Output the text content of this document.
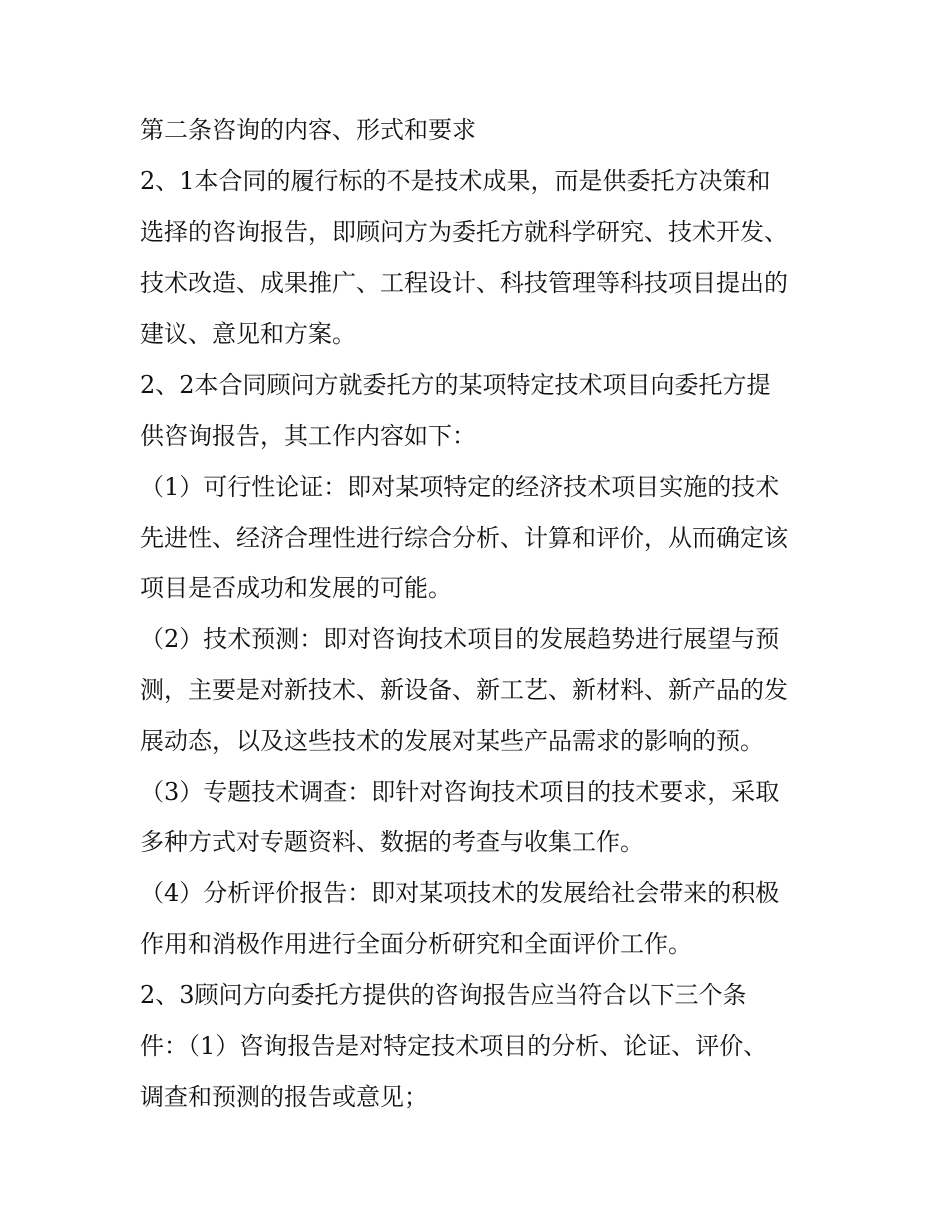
第二条咨询的内容、形式和要求
2、1本合同的履行标的不是技术成果，而是供委托方决策和
选择的咨询报告，即顾问方为委托方就科学研究、技术开发、
技术改造、成果推广、工程设计、科技管理等科技项目提出的
建议、意见和方案。
2、2本合同顾问方就委托方的某项特定技术项目向委托方提
供咨询报告，其工作内容如下：
（1）可行性论证：即对某项特定的经济技术项目实施的技术
先进性、经济合理性进行综合分析、计算和评价，从而确定该
项目是否成功和发展的可能。
（2）技术预测：即对咨询技术项目的发展趋势进行展望与预
测，主要是对新技术、新设备、新工艺、新材料、新产品的发
展动态，以及这些技术的发展对某些产品需求的影响的预。
（3）专题技术调查：即针对咨询技术项目的技术要求，采取
多种方式对专题资料、数据的考查与收集工作。
（4）分析评价报告：即对某项技术的发展给社会带来的积极
作用和消极作用进行全面分析研究和全面评价工作。
2、3顾问方向委托方提供的咨询报告应当符合以下三个条
件：（1）咨询报告是对特定技术项目的分析、论证、评价、
调查和预测的报告或意见；
